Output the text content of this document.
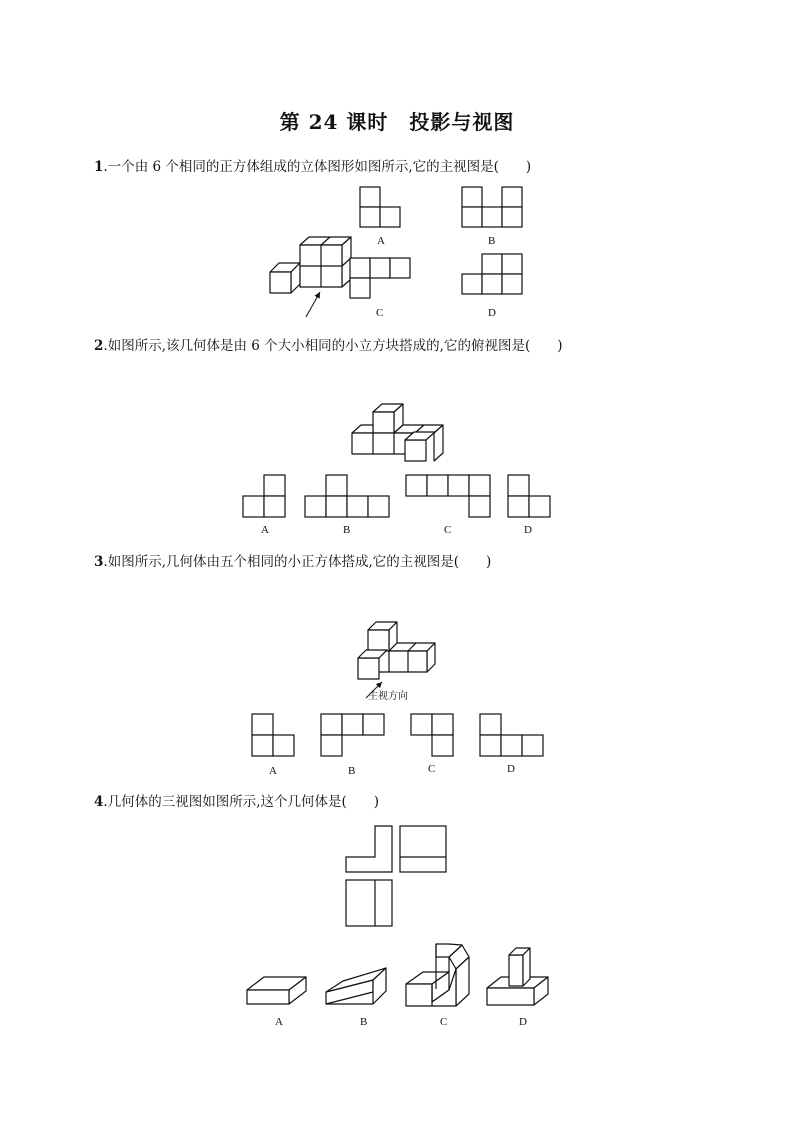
第 24 课时　投影与视图
1.一个由 6 个相同的正方体组成的立体图形如图所示,它的主视图是(　　)
2.如图所示,该几何体是由 6 个大小相同的小立方块搭成的,它的俯视图是(　　)
3.如图所示,几何体由五个相同的小正方体搭成,它的主视图是(　　)
4.几何体的三视图如图所示,这个几何体是(　　)
A	B
C	D
A	B	C	D
主视方向
A	B	C	D
A	B	C	D
